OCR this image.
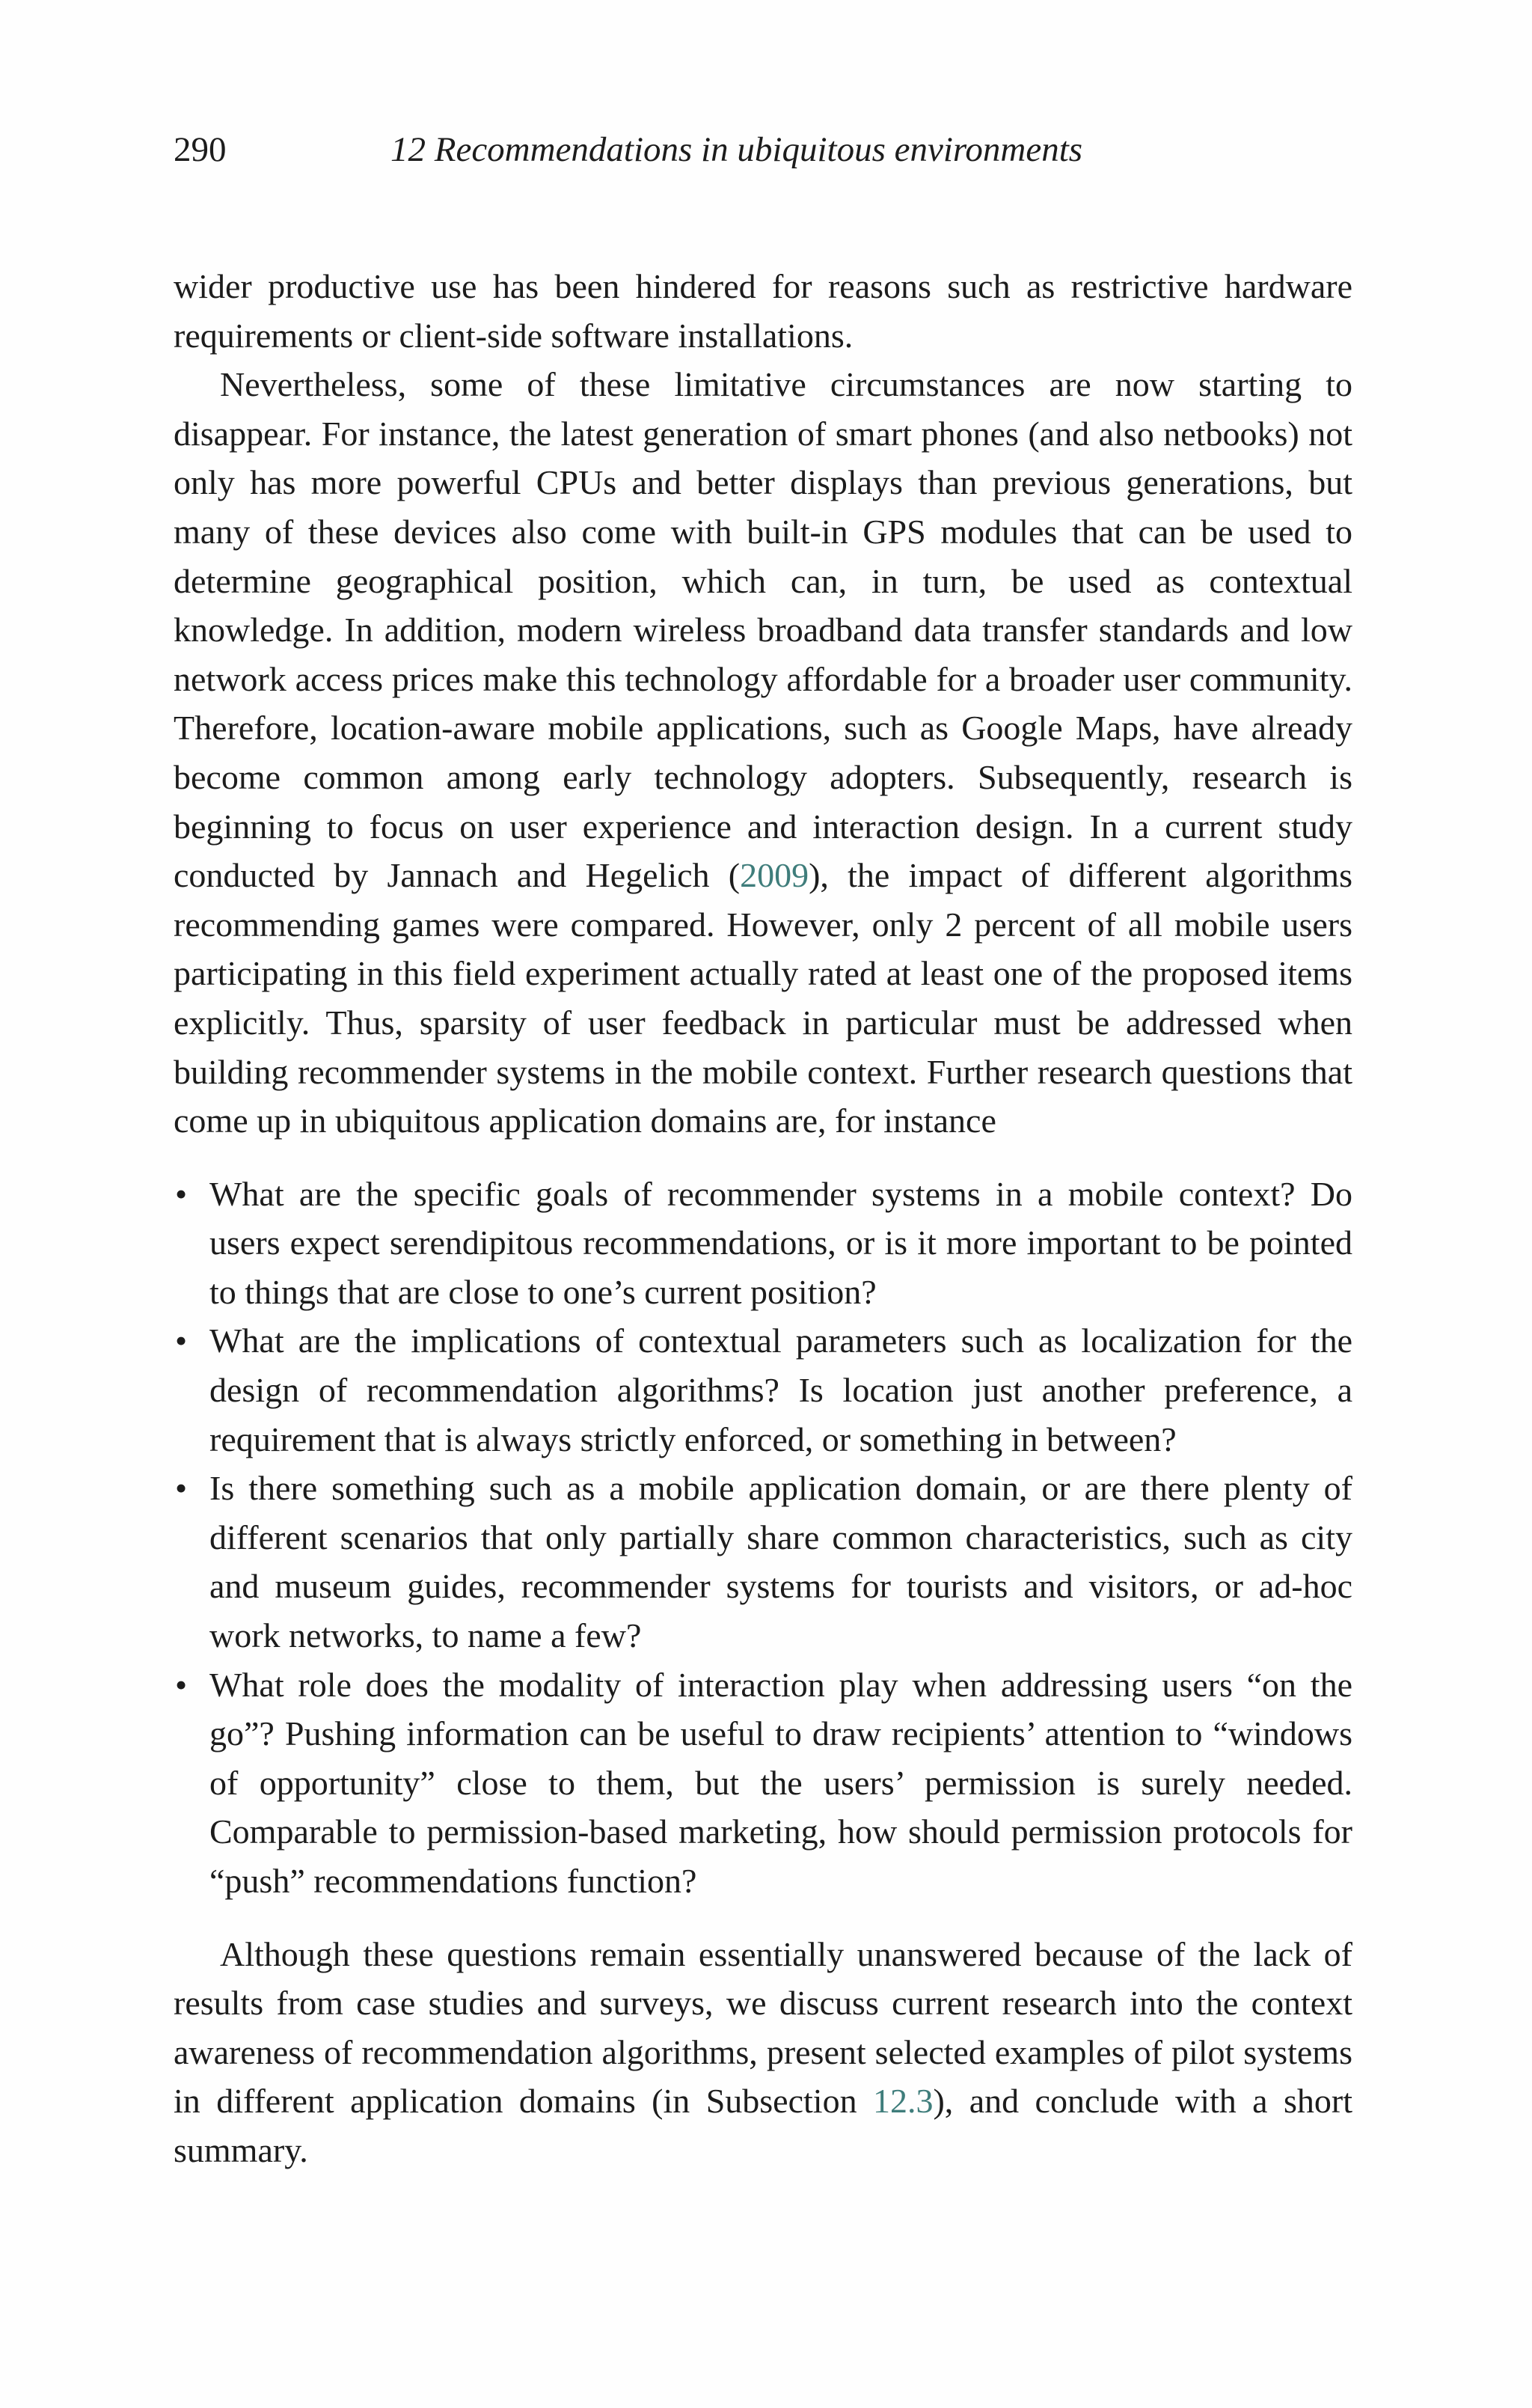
290	12 Recommendations in ubiquitous environments

wider productive use has been hindered for reasons such as restrictive hardware requirements or client-side software installations.

Nevertheless, some of these limitative circumstances are now starting to disappear. For instance, the latest generation of smart phones (and also netbooks) not only has more powerful CPUs and better displays than previous generations, but many of these devices also come with built-in GPS modules that can be used to determine geographical position, which can, in turn, be used as contextual knowledge. In addition, modern wireless broadband data transfer standards and low network access prices make this technology affordable for a broader user community. Therefore, location-aware mobile applications, such as Google Maps, have already become common among early technology adopters. Subsequently, research is beginning to focus on user experience and interaction design. In a current study conducted by Jannach and Hegelich (2009), the impact of different algorithms recommending games were compared. However, only 2 percent of all mobile users participating in this field experiment actually rated at least one of the proposed items explicitly. Thus, sparsity of user feedback in particular must be addressed when building recommender systems in the mobile context. Further research questions that come up in ubiquitous application domains are, for instance

• What are the specific goals of recommender systems in a mobile context? Do users expect serendipitous recommendations, or is it more important to be pointed to things that are close to one’s current position?
• What are the implications of contextual parameters such as localization for the design of recommendation algorithms? Is location just another preference, a requirement that is always strictly enforced, or something in between?
• Is there something such as a mobile application domain, or are there plenty of different scenarios that only partially share common characteristics, such as city and museum guides, recommender systems for tourists and visitors, or ad-hoc work networks, to name a few?
• What role does the modality of interaction play when addressing users “on the go”? Pushing information can be useful to draw recipients’ attention to “windows of opportunity” close to them, but the users’ permission is surely needed. Comparable to permission-based marketing, how should permission protocols for “push” recommendations function?

Although these questions remain essentially unanswered because of the lack of results from case studies and surveys, we discuss current research into the context awareness of recommendation algorithms, present selected examples of pilot systems in different application domains (in Subsection 12.3), and conclude with a short summary.
